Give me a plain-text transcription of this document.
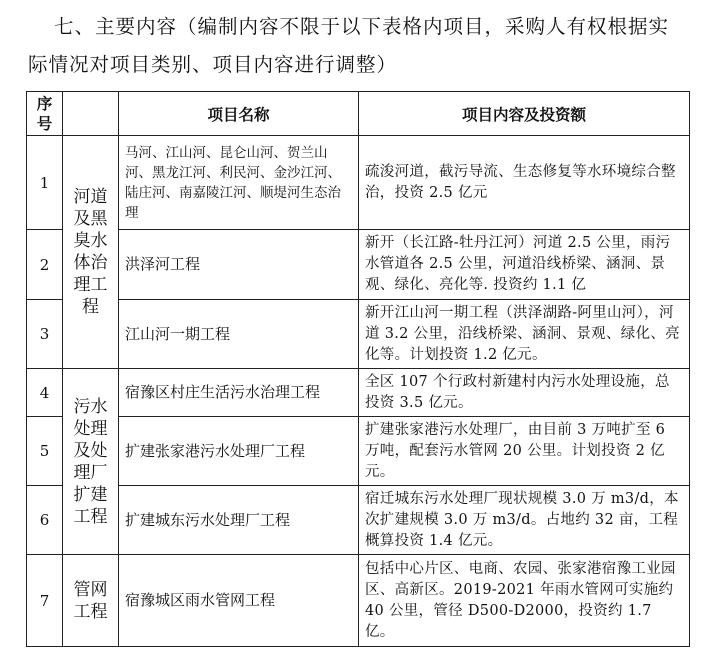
七、主要内容（编制内容不限于以下表格内项目，采购人有权根据实
际情况对项目类别、项目内容进行调整）
序
号		项目名称	项目内容及投资额
1	河道及黑臭水体治理工程	马河、江山河、昆仑山河、贺兰山河、黑龙江河、利民河、金沙江河、陆庄河、南嘉陵江河、顺堤河生态治理	疏浚河道，截污导流、生态修复等水环境综合整治，投资 2.5 亿元
2		洪泽河工程	新开（长江路-牡丹江河）河道 2.5 公里，雨污水管道各 2.5 公里，河道沿线桥梁、涵洞、景观、绿化、亮化等. 投资约 1.1 亿
3		江山河一期工程	新开江山河一期工程（洪泽湖路-阿里山河），河道 3.2 公里，沿线桥梁、涵洞、景观、绿化、亮化等。计划投资 1.2 亿元。
4	污水处理及处理厂扩建工程	宿豫区村庄生活污水治理工程	全区 107 个行政村新建村内污水处理设施，总投资 3.5 亿元。
5		扩建张家港污水处理厂工程	扩建张家港污水处理厂，由目前 3 万吨扩至 6 万吨，配套污水管网 20 公里。计划投资 2 亿元。
6		扩建城东污水处理厂工程	宿迁城东污水处理厂现状规模 3.0 万 m3/d，本次扩建规模 3.0 万 m3/d。占地约 32 亩，工程概算投资 1.4 亿元。
7	管网工程	宿豫城区雨水管网工程	包括中心片区、电商、农园、张家港宿豫工业园区、高新区。2019-2021 年雨水管网可实施约 40 公里，管径 D500-D2000，投资约 1.7 亿。
